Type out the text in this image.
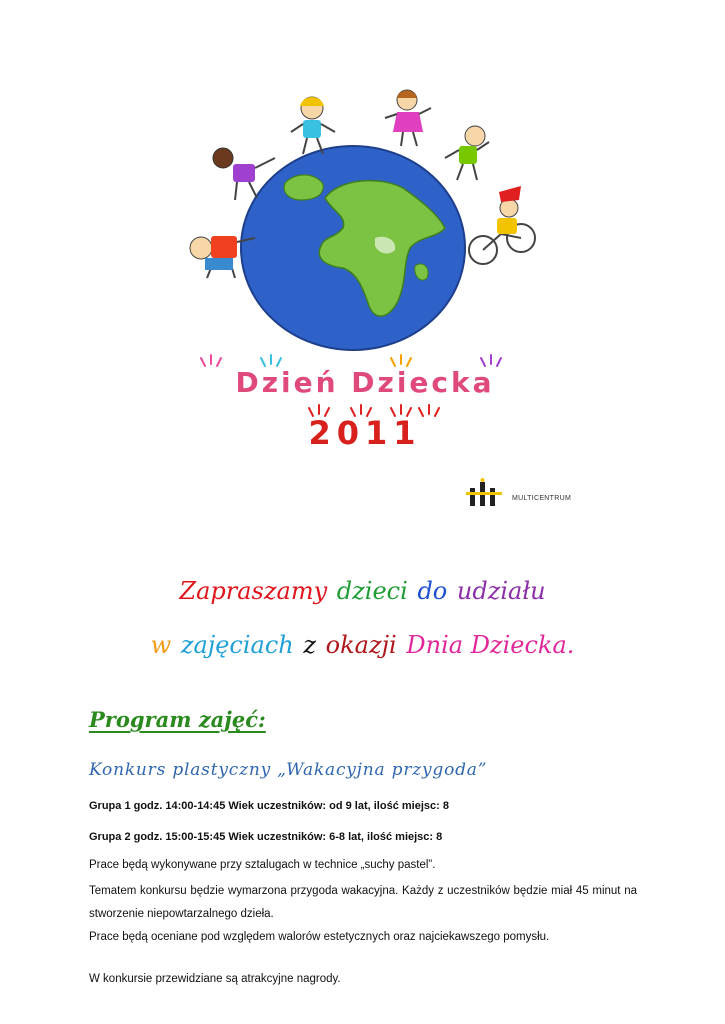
Dzień Dziecka
2011
MULTICENTRUM
Zapraszamy dzieci do udziału
w zajęciach z okazji Dnia Dziecka.
Program zajęć:
Konkurs plastyczny „Wakacyjna przygoda”
Grupa 1 godz. 14:00-14:45 Wiek uczestników: od 9 lat, ilość miejsc: 8
Grupa 2 godz. 15:00-15:45 Wiek uczestników: 6-8 lat, ilość miejsc: 8
Prace będą wykonywane przy sztalugach w technice „suchy pastel”.
Tematem konkursu będzie wymarzona przygoda wakacyjna. Każdy z uczestników będzie miał 45 minut na stworzenie niepowtarzalnego dzieła.
Prace będą oceniane pod względem walorów estetycznych oraz najciekawszego pomysłu.
W konkursie przewidziane są atrakcyjne nagrody.
